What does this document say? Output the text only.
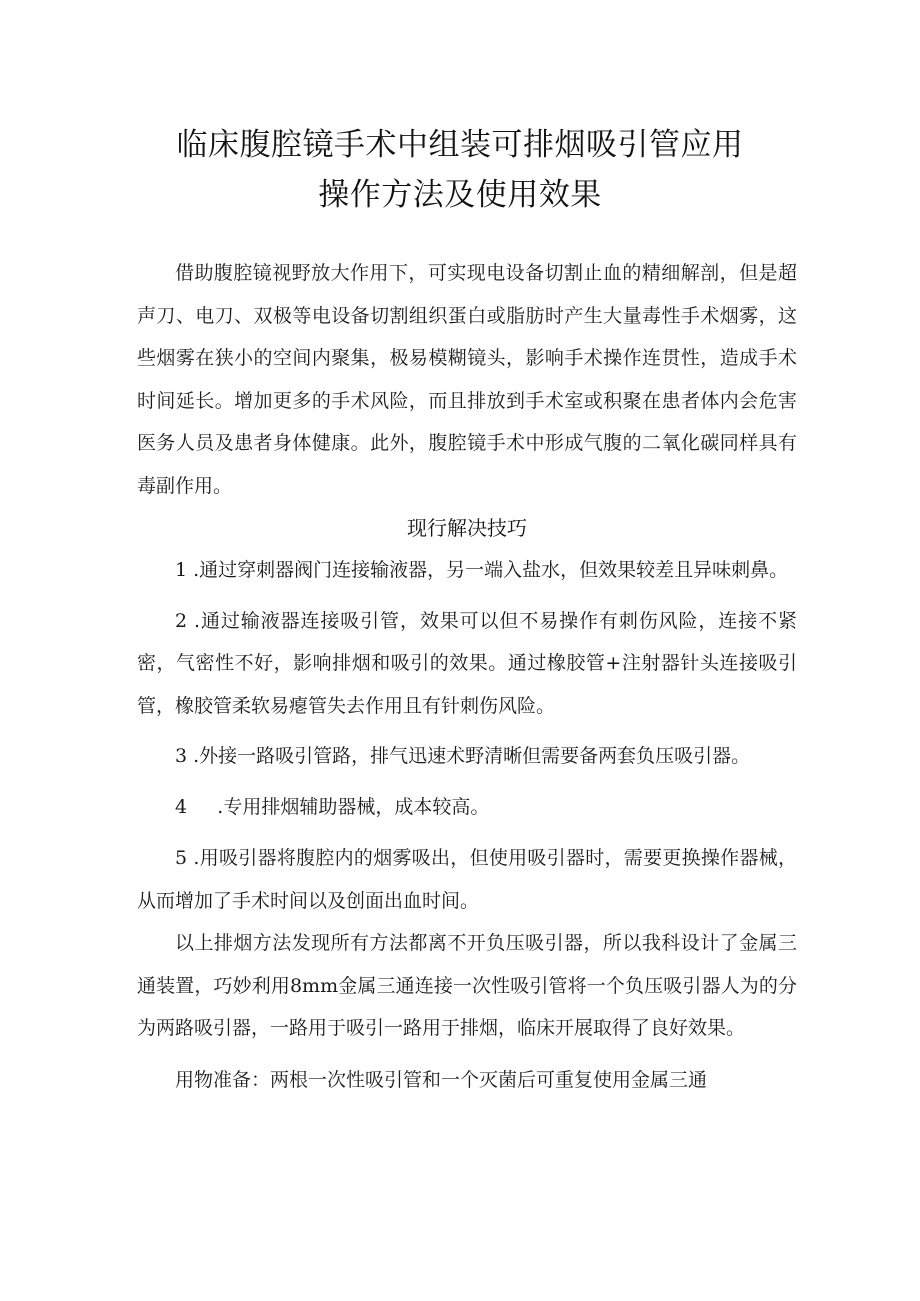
临床腹腔镜手术中组装可排烟吸引管应用
操作方法及使用效果

借助腹腔镜视野放大作用下，可实现电设备切割止血的精细解剖，但是超声刀、电刀、双极等电设备切割组织蛋白或脂肪时产生大量毒性手术烟雾，这些烟雾在狭小的空间内聚集，极易模糊镜头，影响手术操作连贯性，造成手术时间延长。增加更多的手术风险，而且排放到手术室或积聚在患者体内会危害医务人员及患者身体健康。此外，腹腔镜手术中形成气腹的二氧化碳同样具有毒副作用。

现行解决技巧

1 .通过穿刺器阀门连接输液器，另一端入盐水，但效果较差且异味刺鼻。

2 .通过输液器连接吸引管，效果可以但不易操作有刺伤风险，连接不紧密，气密性不好，影响排烟和吸引的效果。通过橡胶管+注射器针头连接吸引管，橡胶管柔软易瘪管失去作用且有针刺伤风险。

3 .外接一路吸引管路，排气迅速术野清晰但需要备两套负压吸引器。

4     .专用排烟辅助器械，成本较高。

5 .用吸引器将腹腔内的烟雾吸出，但使用吸引器时，需要更换操作器械，从而增加了手术时间以及创面出血时间。

以上排烟方法发现所有方法都离不开负压吸引器，所以我科设计了金属三通装置，巧妙利用8mm金属三通连接一次性吸引管将一个负压吸引器人为的分为两路吸引器，一路用于吸引一路用于排烟，临床开展取得了良好效果。

用物准备：两根一次性吸引管和一个灭菌后可重复使用金属三通
